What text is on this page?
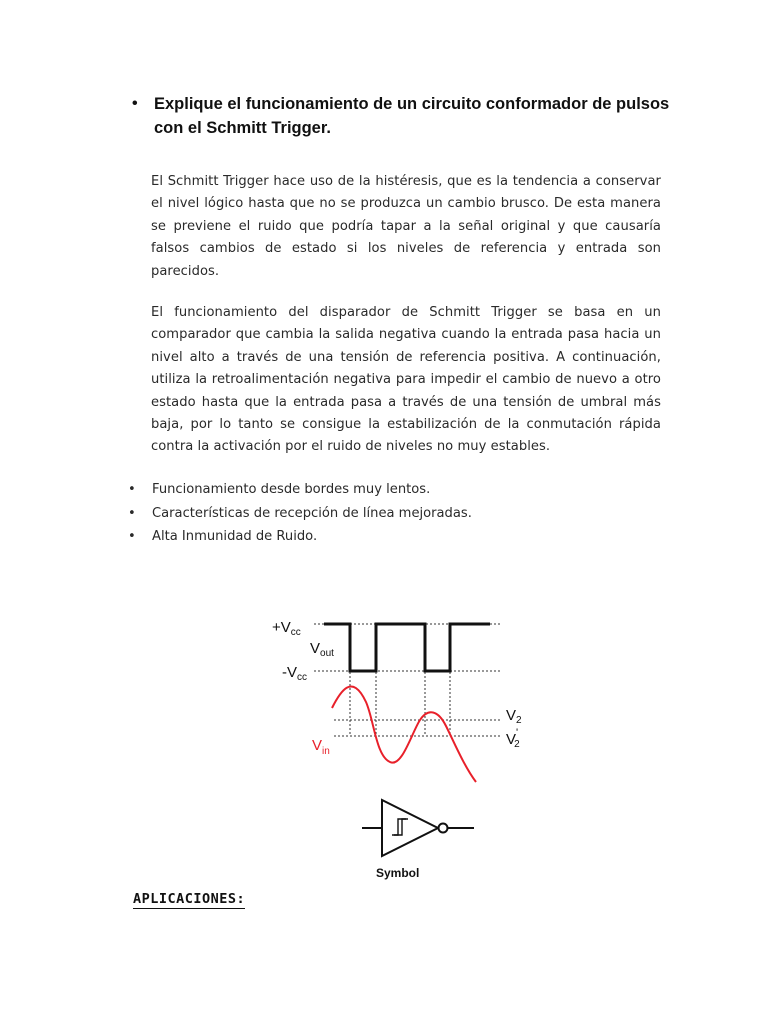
• Explique el funcionamiento de un circuito conformador de pulsos con el Schmitt Trigger.

El Schmitt Trigger hace uso de la histéresis, que es la tendencia a conservar el nivel lógico hasta que no se produzca un cambio brusco. De esta manera se previene el ruido que podría tapar a la señal original y que causaría falsos cambios de estado si los niveles de referencia y entrada son parecidos.

El funcionamiento del disparador de Schmitt Trigger se basa en un comparador que cambia la salida negativa cuando la entrada pasa hacia un nivel alto a través de una tensión de referencia positiva. A continuación, utiliza la retroalimentación negativa para impedir el cambio de nuevo a otro estado hasta que la entrada pasa a través de una tensión de umbral más baja, por lo tanto se consigue la estabilización de la conmutación rápida contra la activación por el ruido de niveles no muy estables.

• Funcionamiento desde bordes muy lentos.
• Características de recepción de línea mejoradas.
• Alta Inmunidad de Ruido.
$+V_{cc}$
$V_{out}$
$-V_{cc}$
$V_2$
V' 2
$V_{in}$
Symbol
APLICACIONES:
